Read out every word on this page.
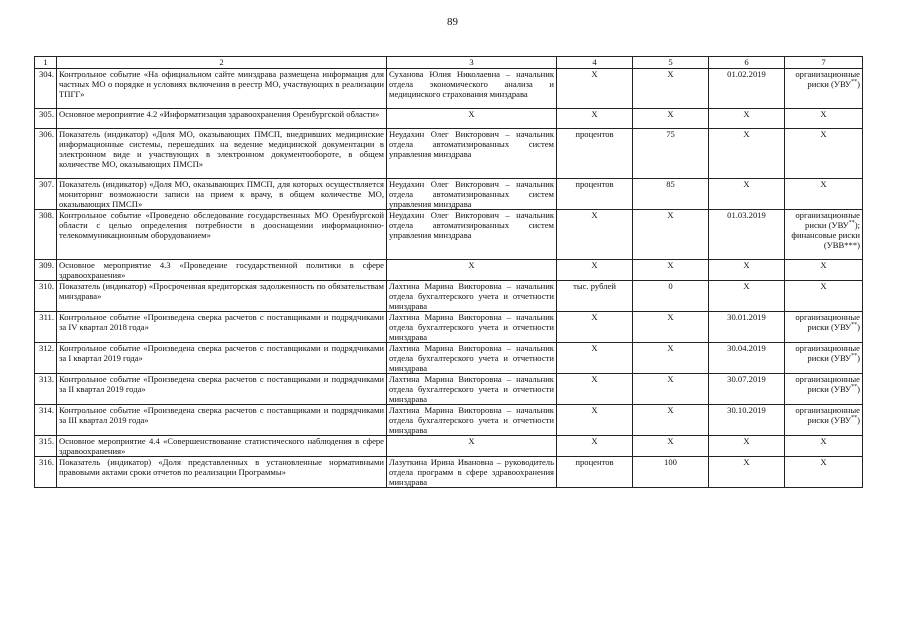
89
1	2	3	4	5	6	7
304.	Контрольное событие «На официальном сайте минздрава размещена информация для частных МО о порядке и условиях включения в реестр МО, участвующих в реализации ТПГГ»	Суханова Юлия Николаевна – начальник отдела экономического анализа и медицинского страхования минздрава	Х	Х	01.02.2019	организационные риски (УВУ**)
305.	Основное мероприятие 4.2 «Информатизация здравоохранения Оренбургской области»	Х	Х	Х	Х	Х
306.	Показатель (индикатор) «Доля МО, оказывающих ПМСП, внедривших медицинские информационные системы, перешедших на ведение медицинской документации в электронном виде и участвующих в электронном документообороте, в общем количестве МО, оказывающих ПМСП»	Неудахин Олег Викторович – начальник отдела автоматизированных систем управления минздрава	процентов	75	Х	Х
307.	Показатель (индикатор) «Доля МО, оказывающих ПМСП, для которых осуществляется мониторинг возможности записи на прием к врачу, в общем количестве МО, оказывающих ПМСП»	Неудахин Олег Викторович – начальник отдела автоматизированных систем управления минздрава	процентов	85	Х	Х
308.	Контрольное событие «Проведено обследование государственных МО Оренбургской области с целью определения потребности в дооснащении информационно-телекоммуникационным оборудованием»	Неудахин Олег Викторович – начальник отдела автоматизированных систем управления минздрава	Х	Х	01.03.2019	организационные риски (УВУ**); финансовые риски (УВВ***)
309.	Основное мероприятие 4.3 «Проведение государственной политики в сфере здравоохранения»	Х	Х	Х	Х	Х
310.	Показатель (индикатор) «Просроченная кредиторская задолженность по обязательствам минздрава»	Лахтина Марина Викторовна – начальник отдела бухгалтерского учета и отчетности минздрава	тыс. рублей	0	Х	Х
311.	Контрольное событие «Произведена сверка расчетов с поставщиками и подрядчиками за IV квартал 2018 года»	Лахтина Марина Викторовна – начальник отдела бухгалтерского учета и отчетности минздрава	Х	Х	30.01.2019	организационные риски (УВУ**)
312.	Контрольное событие «Произведена сверка расчетов с поставщиками и подрядчиками за I квартал 2019 года»	Лахтина Марина Викторовна – начальник отдела бухгалтерского учета и отчетности минздрава	Х	Х	30.04.2019	организационные риски (УВУ**)
313.	Контрольное событие «Произведена сверка расчетов с поставщиками и подрядчиками за II квартал 2019 года»	Лахтина Марина Викторовна – начальник отдела бухгалтерского учета и отчетности минздрава	Х	Х	30.07.2019	организационные риски (УВУ**)
314.	Контрольное событие «Произведена сверка расчетов с поставщиками и подрядчиками за III квартал 2019 года»	Лахтина Марина Викторовна – начальник отдела бухгалтерского учета и отчетности минздрава	Х	Х	30.10.2019	организационные риски (УВУ**)
315.	Основное мероприятие 4.4 «Совершенствование статистического наблюдения в сфере здравоохранения»	Х	Х	Х	Х	Х
316.	Показатель (индикатор) «Доля представленных в установленные нормативными правовыми актами сроки отчетов по реализации Программы»	Лазуткина Ирина Ивановна – руководитель отдела программ в сфере здравоохранения минздрава	процентов	100	Х	Х
